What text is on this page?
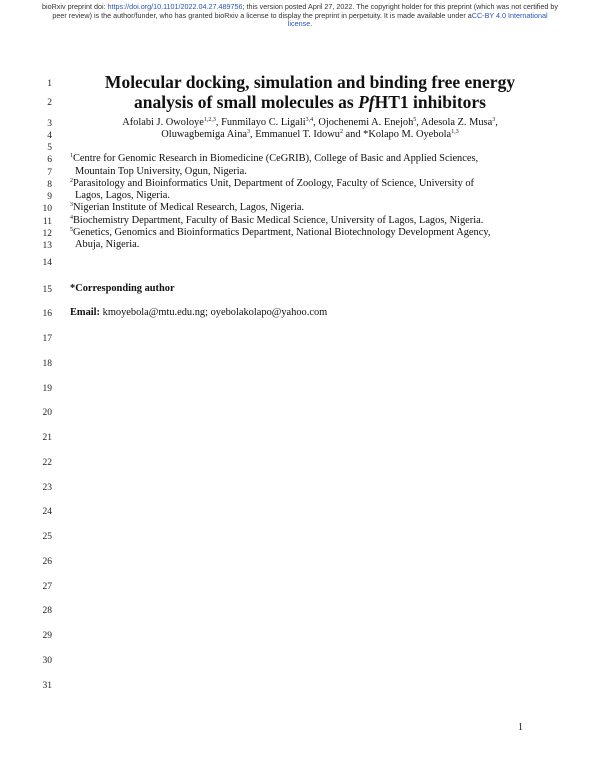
bioRxiv preprint doi: https://doi.org/10.1101/2022.04.27.489756; this version posted April 27, 2022. The copyright holder for this preprint (which was not certified by peer review) is the author/funder, who has granted bioRxiv a license to display the preprint in perpetuity. It is made available under aCC-BY 4.0 International license.
1
2
3
4
5
6
7
8
9
10
11
12
13
14
15
16
17
18
19
20
21
22
23
24
25
26
27
28
29
30
31
Molecular docking, simulation and binding free energy
analysis of small molecules as PfHT1 inhibitors
Afolabi J. Owoloye$^{1,2,3}$, Funmilayo C. Ligali$^{3,4}$, Ojochenemi A. Enejoh$^5$, Adesola Z. Musa$^3$,
Oluwagbemiga Aina$^3$, Emmanuel T. Idowu$^2$ and *Kolapo M. Oyebola$^{1,3}$
$^1$Centre for Genomic Research in Biomedicine (CeGRIB), College of Basic and Applied Sciences,
Mountain Top University, Ogun, Nigeria.
$^2$Parasitology and Bioinformatics Unit, Department of Zoology, Faculty of Science, University of
Lagos, Lagos, Nigeria.
$^3$Nigerian Institute of Medical Research, Lagos, Nigeria.
$^4$Biochemistry Department, Faculty of Basic Medical Science, University of Lagos, Lagos, Nigeria.
$^5$Genetics, Genomics and Bioinformatics Department, National Biotechnology Development Agency,
Abuja, Nigeria.
*Corresponding author
Email: kmoyebola@mtu.edu.ng; oyebolakolapo@yahoo.com
1
